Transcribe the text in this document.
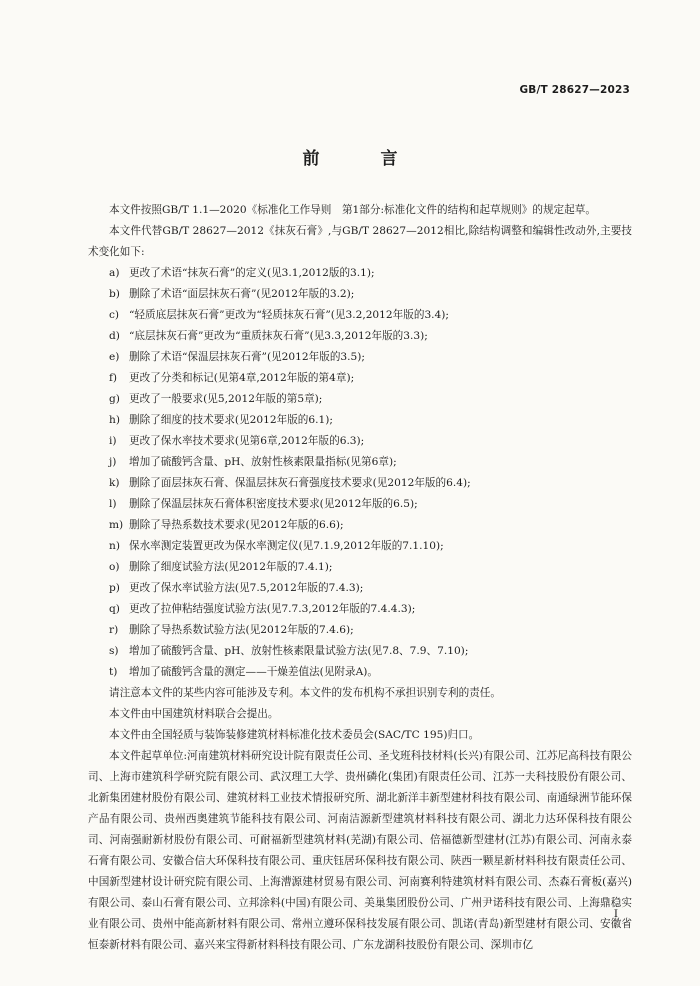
GB/T 28627—2023
前　言

本文件按照GB/T 1.1—2020《标准化工作导则　第1部分:标准化文件的结构和起草规则》的规定起草。

本文件代替GB/T 28627—2012《抹灰石膏》,与GB/T 28627—2012相比,除结构调整和编辑性改动外,主要技术变化如下:

a) 更改了术语“抹灰石膏”的定义(见3.1,2012版的3.1);
b) 删除了术语“面层抹灰石膏”(见2012年版的3.2);
c) “轻质底层抹灰石膏”更改为“轻质抹灰石膏”(见3.2,2012年版的3.4);
d) “底层抹灰石膏”更改为“重质抹灰石膏”(见3.3,2012年版的3.3);
e) 删除了术语“保温层抹灰石膏”(见2012年版的3.5);
f)	更改了分类和标记(见第4章,2012年版的第4章);
g) 更改了一般要求(见5,2012年版的第5章);
h) 删除了细度的技术要求(见2012年版的6.1);
i)	更改了保水率技术要求(见第6章,2012年版的6.3);
j)	增加了硫酸钙含量、pH、放射性核素限量指标(见第6章);
k) 删除了面层抹灰石膏、保温层抹灰石膏强度技术要求(见2012年版的6.4);
l)	删除了保温层抹灰石膏体积密度技术要求(见2012年版的6.5);
m) 删除了导热系数技术要求(见2012年版的6.6);
n) 保水率测定装置更改为保水率测定仪(见7.1.9,2012年版的7.1.10);
o) 删除了细度试验方法(见2012年版的7.4.1);
p) 更改了保水率试验方法(见7.5,2012年版的7.4.3);
q) 更改了拉伸粘结强度试验方法(见7.7.3,2012年版的7.4.4.3);
r)	删除了导热系数试验方法(见2012年版的7.4.6);
s) 增加了硫酸钙含量、pH、放射性核素限量试验方法(见7.8、7.9、7.10);
t)	增加了硫酸钙含量的测定——干燥差值法(见附录A)。

请注意本文件的某些内容可能涉及专利。本文件的发布机构不承担识别专利的责任。

本文件由中国建筑材料联合会提出。

本文件由全国轻质与装饰装修建筑材料标准化技术委员会(SAC/TC 195)归口。

本文件起草单位:河南建筑材料研究设计院有限责任公司、圣戈班科技材料(长兴)有限公司、江苏尼高科技有限公司、上海市建筑科学研究院有限公司、武汉理工大学、贵州磷化(集团)有限责任公司、江苏一夫科技股份有限公司、北新集团建材股份有限公司、建筑材料工业技术情报研究所、湖北新洋丰新型建材科技有限公司、南通绿洲节能环保产品有限公司、贵州西奥建筑节能科技有限公司、河南洁源新型建筑材料科技有限公司、湖北力达环保科技有限公司、河南强耐新材股份有限公司、可耐福新型建筑材料(芜湖)有限公司、倍福德新型建材(江苏)有限公司、河南永泰石膏有限公司、安徽合信大环保科技有限公司、重庆钰居环保科技有限公司、陕西一颗星新材料科技有限责任公司、中国新型建材设计研究院有限公司、上海漕源建材贸易有限公司、河南赛利特建筑材料有限公司、杰森石膏板(嘉兴)有限公司、泰山石膏有限公司、立邦涂料(中国)有限公司、美巢集团股份公司、广州尹诺科技有限公司、上海鼎稳实业有限公司、贵州中能高新材料有限公司、常州立遵环保科技发展有限公司、凯诺(青岛)新型建材有限公司、安徽省恒泰新材料有限公司、嘉兴来宝得新材料科技有限公司、广东龙湖科技股份有限公司、深圳市亿

I
